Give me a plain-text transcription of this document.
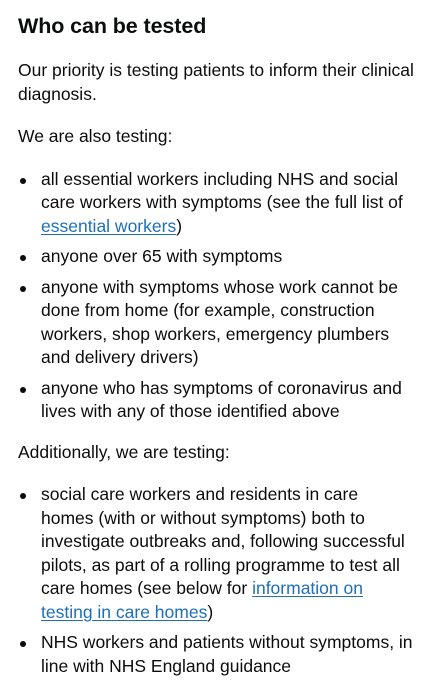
Who can be tested

Our priority is testing patients to inform their clinical diagnosis.

We are also testing:

all essential workers including NHS and social care workers with symptoms (see the full list of essential workers)
anyone over 65 with symptoms
anyone with symptoms whose work cannot be done from home (for example, construction workers, shop workers, emergency plumbers and delivery drivers)
anyone who has symptoms of coronavirus and lives with any of those identified above

Additionally, we are testing:

social care workers and residents in care homes (with or without symptoms) both to investigate outbreaks and, following successful pilots, as part of a rolling programme to test all care homes (see below for information on testing in care homes)
NHS workers and patients without symptoms, in line with NHS England guidance
